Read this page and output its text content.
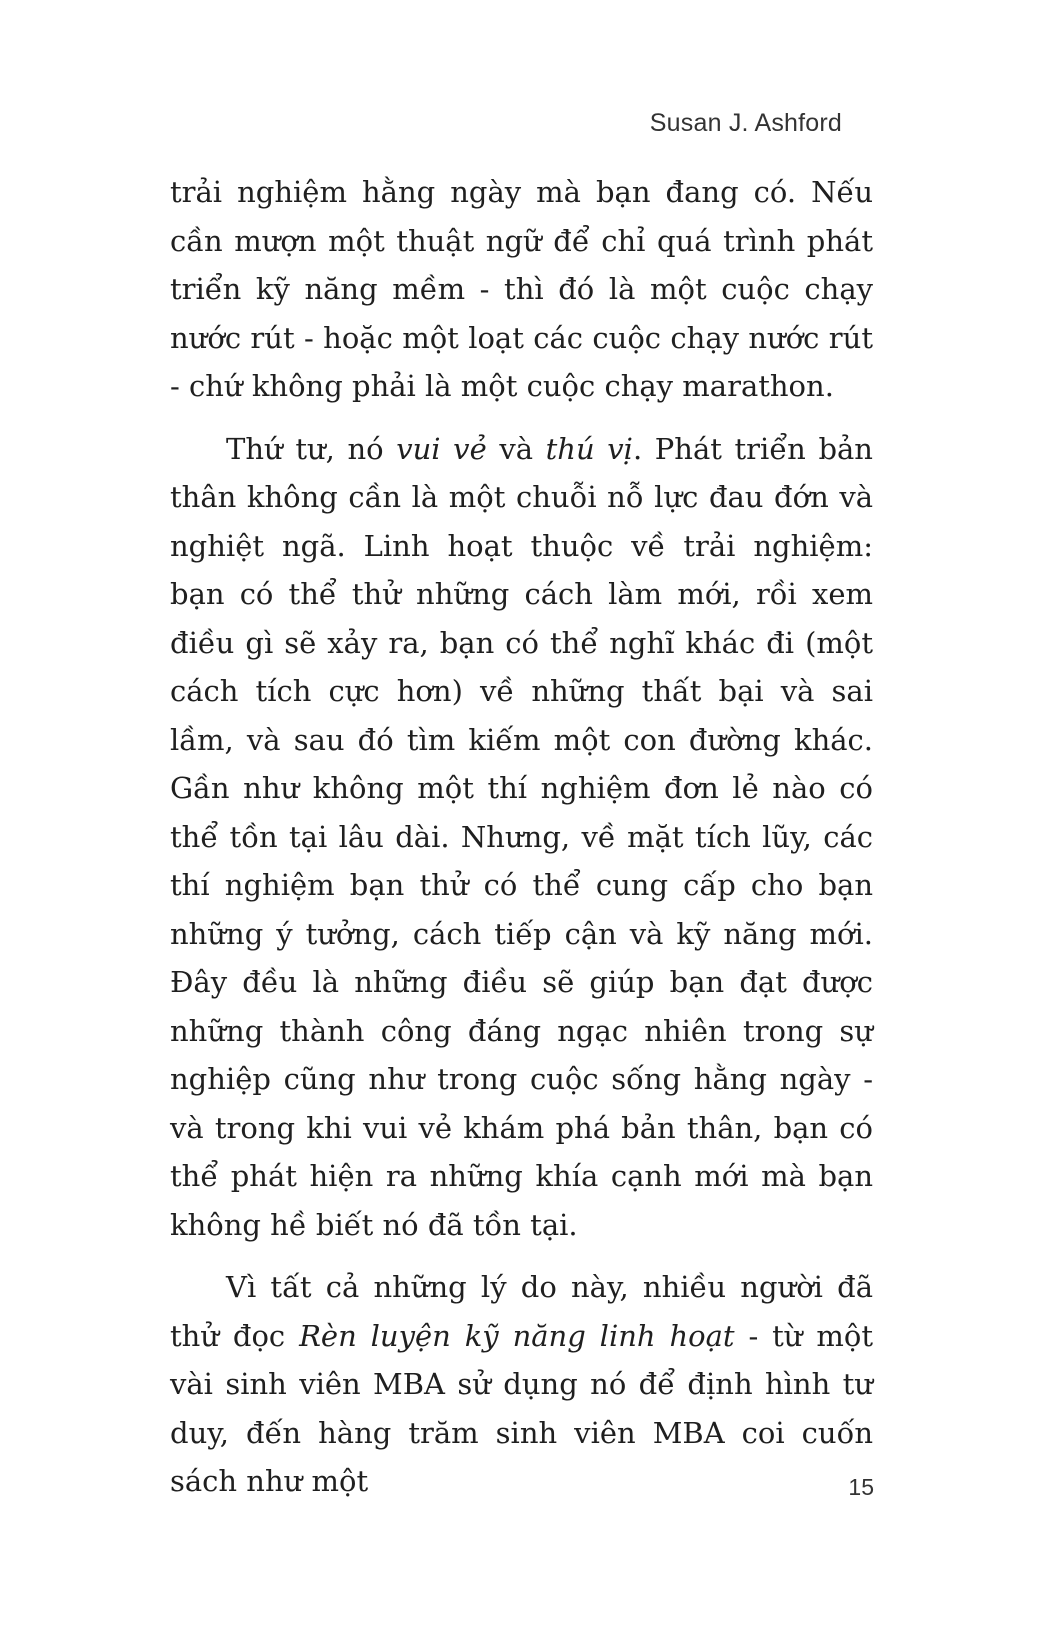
Susan J. Ashford

trải nghiệm hằng ngày mà bạn đang có. Nếu cần mượn một thuật ngữ để chỉ quá trình phát triển kỹ năng mềm - thì đó là một cuộc chạy nước rút - hoặc một loạt các cuộc chạy nước rút - chứ không phải là một cuộc chạy marathon.

Thứ tư, nó vui vẻ và thú vị. Phát triển bản thân không cần là một chuỗi nỗ lực đau đớn và nghiệt ngã. Linh hoạt thuộc về trải nghiệm: bạn có thể thử những cách làm mới, rồi xem điều gì sẽ xảy ra, bạn có thể nghĩ khác đi (một cách tích cực hơn) về những thất bại và sai lầm, và sau đó tìm kiếm một con đường khác. Gần như không một thí nghiệm đơn lẻ nào có thể tồn tại lâu dài. Nhưng, về mặt tích lũy, các thí nghiệm bạn thử có thể cung cấp cho bạn những ý tưởng, cách tiếp cận và kỹ năng mới. Đây đều là những điều sẽ giúp bạn đạt được những thành công đáng ngạc nhiên trong sự nghiệp cũng như trong cuộc sống hằng ngày - và trong khi vui vẻ khám phá bản thân, bạn có thể phát hiện ra những khía cạnh mới mà bạn không hề biết nó đã tồn tại.

Vì tất cả những lý do này, nhiều người đã thử đọc Rèn luyện kỹ năng linh hoạt - từ một vài sinh viên MBA sử dụng nó để định hình tư duy, đến hàng trăm sinh viên MBA coi cuốn sách như một	15
